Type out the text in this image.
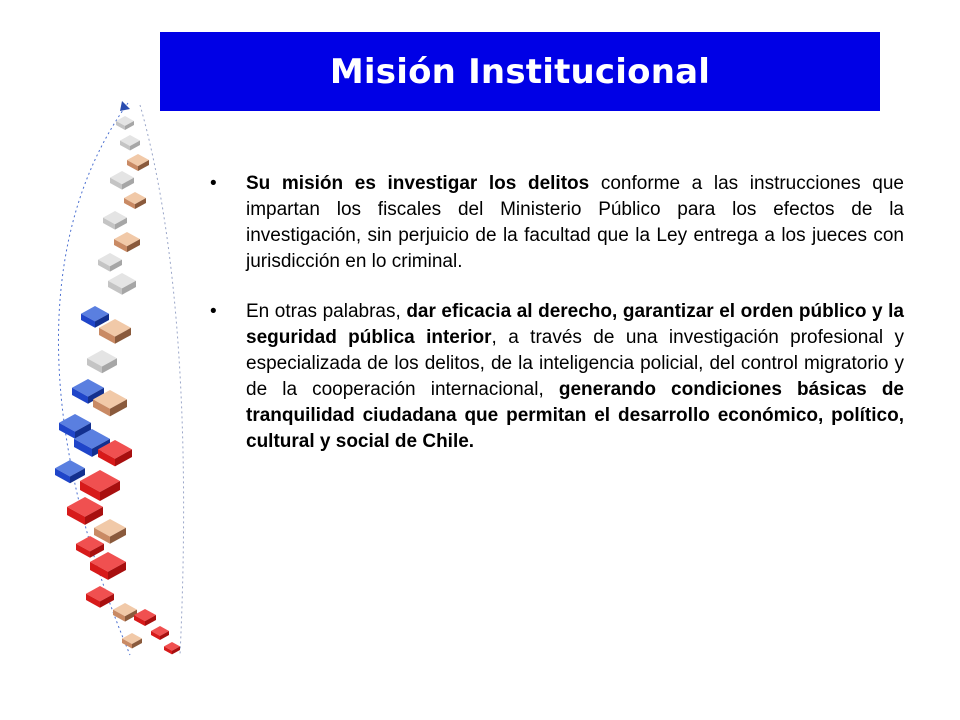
Misión Institucional
• Su misión es investigar los delitos conforme a las instrucciones que impartan los fiscales del Ministerio Público para los efectos de la investigación, sin perjuicio de la facultad que la Ley entrega a los jueces con jurisdicción en lo criminal.
• En otras palabras, dar eficacia al derecho, garantizar el orden público y la seguridad pública interior, a través de una investigación profesional y especializada de los delitos, de la inteligencia policial, del control migratorio y de la cooperación internacional, generando condiciones básicas de tranquilidad ciudadana que permitan el desarrollo económico, político, cultural y social de Chile.
